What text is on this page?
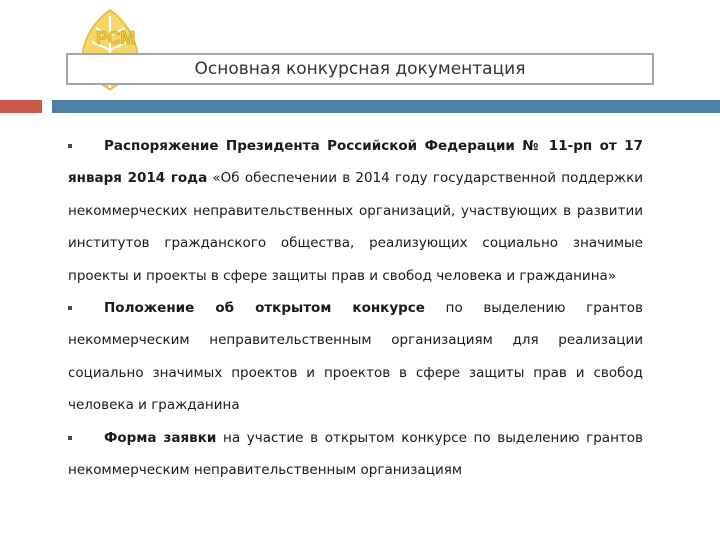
РСМ
Основная конкурсная документация

Распоряжение Президента Российской Федерации № 11-рп от 17 января 2014 года «Об обеспечении в 2014 году государственной поддержки некоммерческих неправительственных организаций, участвующих в развитии институтов гражданского общества, реализующих социально значимые проекты и проекты в сфере защиты прав и свобод человека и гражданина»

Положение об открытом конкурсе по выделению грантов некоммерческим неправительственным организациям для реализации социально значимых проектов и проектов в сфере защиты прав и свобод человека и гражданина

Форма заявки на участие в открытом конкурсе по выделению грантов некоммерческим неправительственным организациям
